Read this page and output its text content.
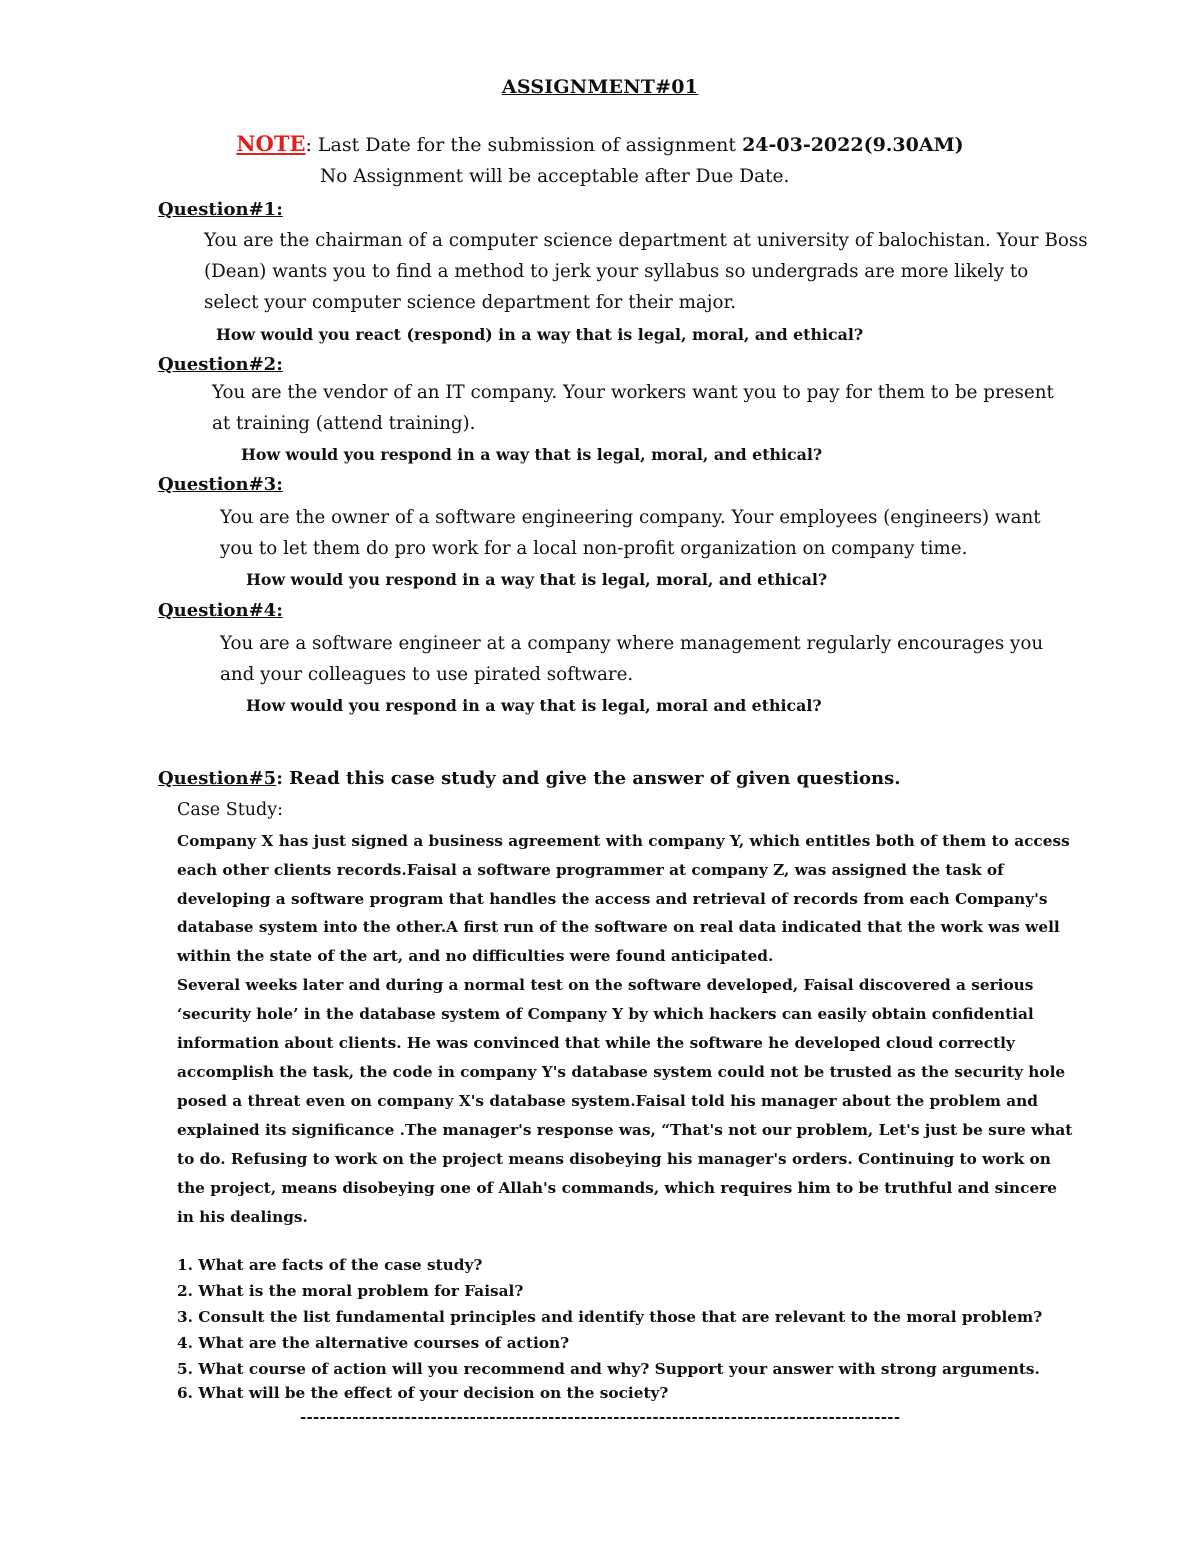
ASSIGNMENT#01
NOTE: Last Date for the submission of assignment 24-03-2022(9.30AM)
No Assignment will be acceptable after Due Date.
Question#1:
You are the chairman of a computer science department at university of balochistan. Your Boss
(Dean) wants you to find a method to jerk your syllabus so undergrads are more likely to
select your computer science department for their major.
How would you react (respond) in a way that is legal, moral, and ethical?
Question#2:
You are the vendor of an IT company. Your workers want you to pay for them to be present
at training (attend training).
How would you respond in a way that is legal, moral, and ethical?
Question#3:
You are the owner of a software engineering company. Your employees (engineers) want
you to let them do pro work for a local non-profit organization on company time.
How would you respond in a way that is legal, moral, and ethical?
Question#4:
You are a software engineer at a company where management regularly encourages you
and your colleagues to use pirated software.
How would you respond in a way that is legal, moral and ethical?
Question#5: Read this case study and give the answer of given questions.
Case Study:
Company X has just signed a business agreement with company Y, which entitles both of them to access
each other clients records.Faisal a software programmer at company Z, was assigned the task of
developing a software program that handles the access and retrieval of records from each Company's
database system into the other.A first run of the software on real data indicated that the work was well
within the state of the art, and no difficulties were found anticipated.
Several weeks later and during a normal test on the software developed, Faisal discovered a serious
‘security hole’ in the database system of Company Y by which hackers can easily obtain confidential
information about clients. He was convinced that while the software he developed cloud correctly
accomplish the task, the code in company Y's database system could not be trusted as the security hole
posed a threat even on company X's database system.Faisal told his manager about the problem and
explained its significance .The manager's response was, “That's not our problem, Let's just be sure what
to do. Refusing to work on the project means disobeying his manager's orders. Continuing to work on
the project, means disobeying one of Allah's commands, which requires him to be truthful and sincere
in his dealings.
1. What are facts of the case study?
2. What is the moral problem for Faisal?
3. Consult the list fundamental principles and identify those that are relevant to the moral problem?
4. What are the alternative courses of action?
5. What course of action will you recommend and why? Support your answer with strong arguments.
6. What will be the effect of your decision on the society?
--------------------------------------------------------------------------------------------
